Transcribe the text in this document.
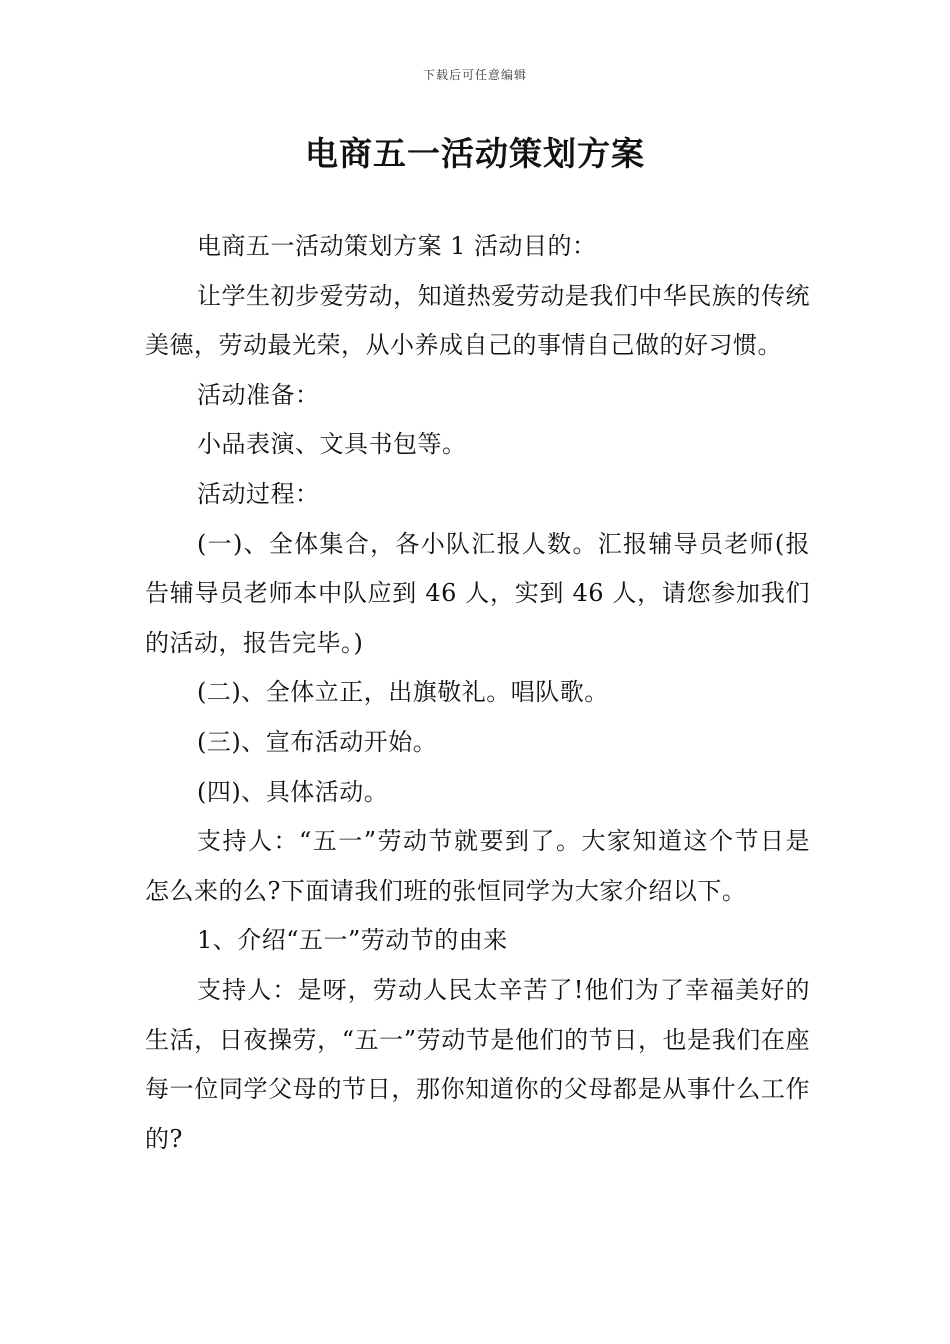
下载后可任意编辑
电商五一活动策划方案

电商五一活动策划方案 1 活动目的：

让学生初步爱劳动，知道热爱劳动是我们中华民族的传统美德，劳动最光荣，从小养成自己的事情自己做的好习惯。

活动准备：

小品表演、文具书包等。

活动过程：

(一)、全体集合，各小队汇报人数。汇报辅导员老师(报告辅导员老师本中队应到 46 人，实到 46 人，请您参加我们的活动，报告完毕。)

(二)、全体立正，出旗敬礼。唱队歌。

(三)、宣布活动开始。

(四)、具体活动。

支持人：“五一”劳动节就要到了。大家知道这个节日是怎么来的么?下面请我们班的张恒同学为大家介绍以下。

1、介绍“五一”劳动节的由来

支持人：是呀，劳动人民太辛苦了!他们为了幸福美好的生活，日夜操劳，“五一”劳动节是他们的节日，也是我们在座每一位同学父母的节日，那你知道你的父母都是从事什么工作的?
